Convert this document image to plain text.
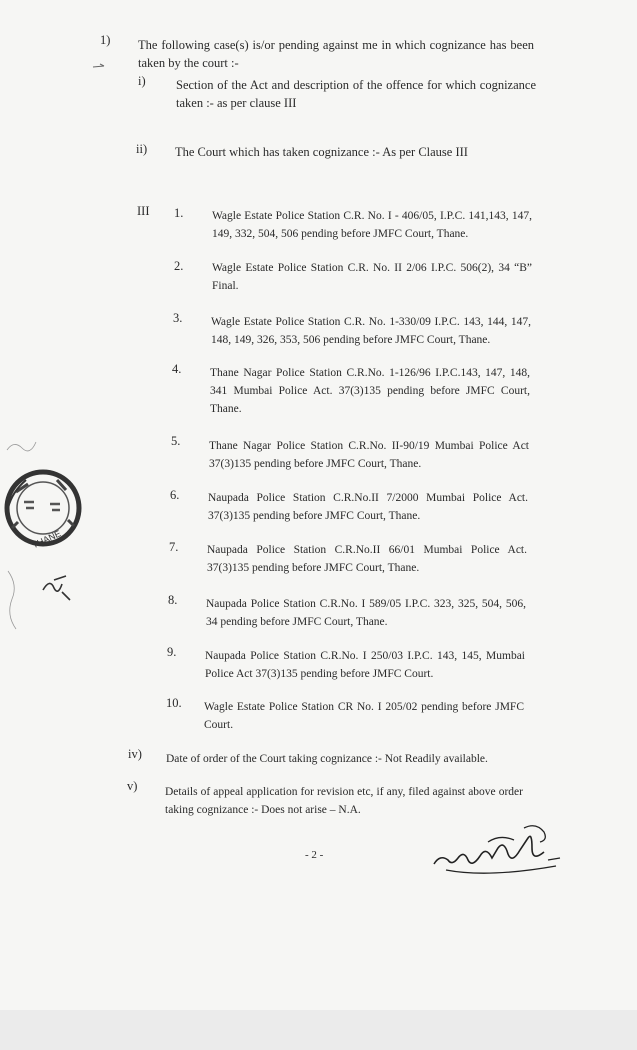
1) The following case(s) is/or pending against me in which cognizance has been taken by the court :-
i) Section of the Act and description of the offence for which cognizance taken :- as per clause III
ii) The Court which has taken cognizance :- As per Clause III
III 1. Wagle Estate Police Station C.R. No. I - 406/05, I.P.C. 141,143, 147, 149, 332, 504, 506 pending before JMFC Court, Thane.
2. Wagle Estate Police Station C.R. No. II 2/06 I.P.C. 506(2), 34 “B” Final.
3. Wagle Estate Police Station C.R. No. 1-330/09 I.P.C. 143, 144, 147, 148, 149, 326, 353, 506 pending before JMFC Court, Thane.
4. Thane Nagar Police Station C.R.No. 1-126/96 I.P.C.143, 147, 148, 341 Mumbai Police Act. 37(3)135 pending before JMFC Court, Thane.
5. Thane Nagar Police Station C.R.No. II-90/19 Mumbai Police Act 37(3)135 pending before JMFC Court, Thane.
6. Naupada Police Station C.R.No.II 7/2000 Mumbai Police Act. 37(3)135 pending before JMFC Court, Thane.
7. Naupada Police Station C.R.No.II 66/01 Mumbai Police Act. 37(3)135 pending before JMFC Court, Thane.
8. Naupada Police Station C.R.No. I 589/05 I.P.C. 323, 325, 504, 506, 34 pending before JMFC Court, Thane.
9. Naupada Police Station C.R.No. I 250/03 I.P.C. 143, 145, Mumbai Police Act 37(3)135 pending before JMFC Court.
10. Wagle Estate Police Station CR No. I 205/02 pending before JMFC Court.
iv) Date of order of the Court taking cognizance :- Not Readily available.
v) Details of appeal application for revision etc, if any, filed against above order taking cognizance :- Does not arise – N.A.
- 2 -
THANE
